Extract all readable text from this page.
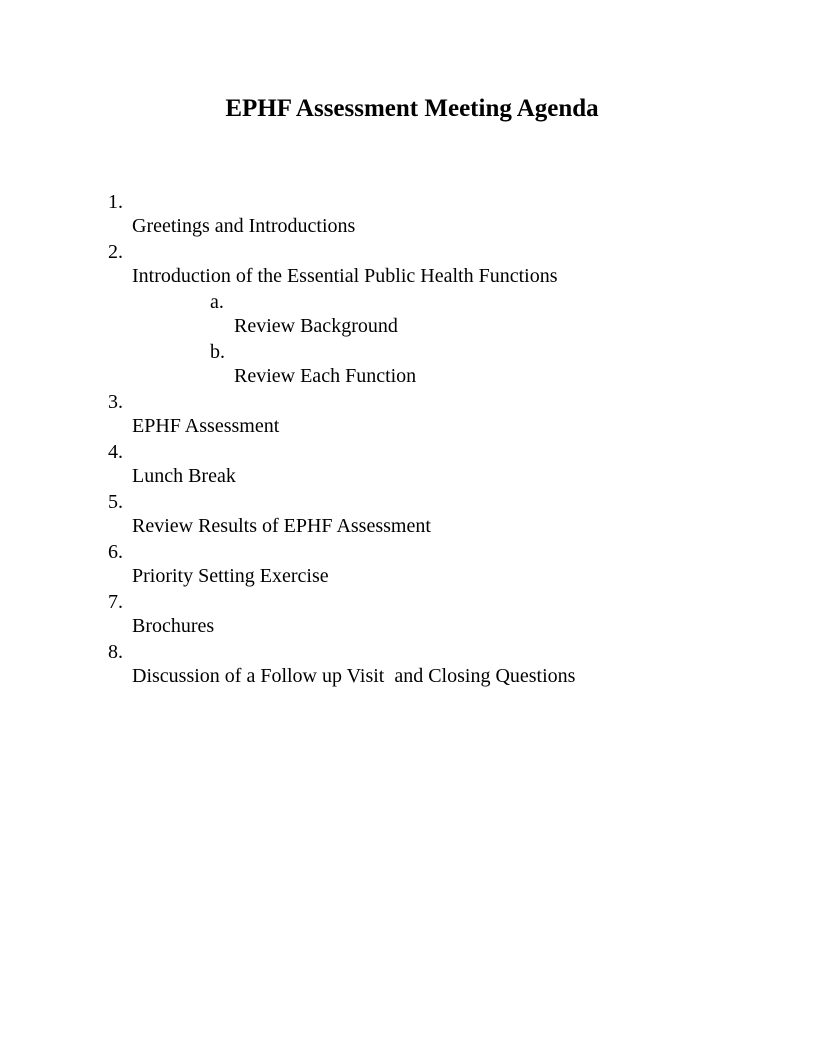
EPHF Assessment Meeting Agenda

1.

Greetings and Introductions

2.

Introduction of the Essential Public Health Functions

a.

Review Background

b.

Review Each Function

3.

EPHF Assessment

4.

Lunch Break

5.

Review Results of EPHF Assessment

6.

Priority Setting Exercise

7.

Brochures

8.

Discussion of a Follow up Visit  and Closing Questions
